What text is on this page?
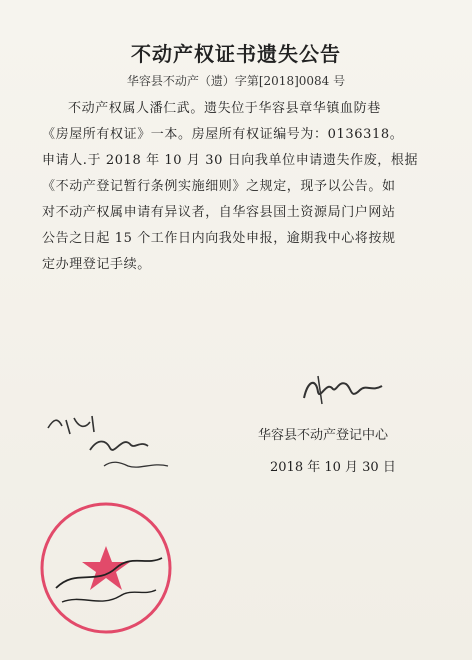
不动产权证书遗失公告
华容县不动产（遗）字第[2018]0084 号

不动产权属人潘仁武。遗失位于华容县章华镇血防巷

《房屋所有权证》一本。房屋所有权证编号为：0136318。

申请人.于 2018 年 10 月 30 日向我单位申请遗失作废，根据

《不动产登记暂行条例实施细则》之规定，现予以公告。如

对不动产权属申请有异议者，自华容县国土资源局门户网站

公告之日起 15 个工作日内向我处申报，逾期我中心将按规

定办理登记手续。

华容县不动产登记中心
2018 年 10 月 30 日
